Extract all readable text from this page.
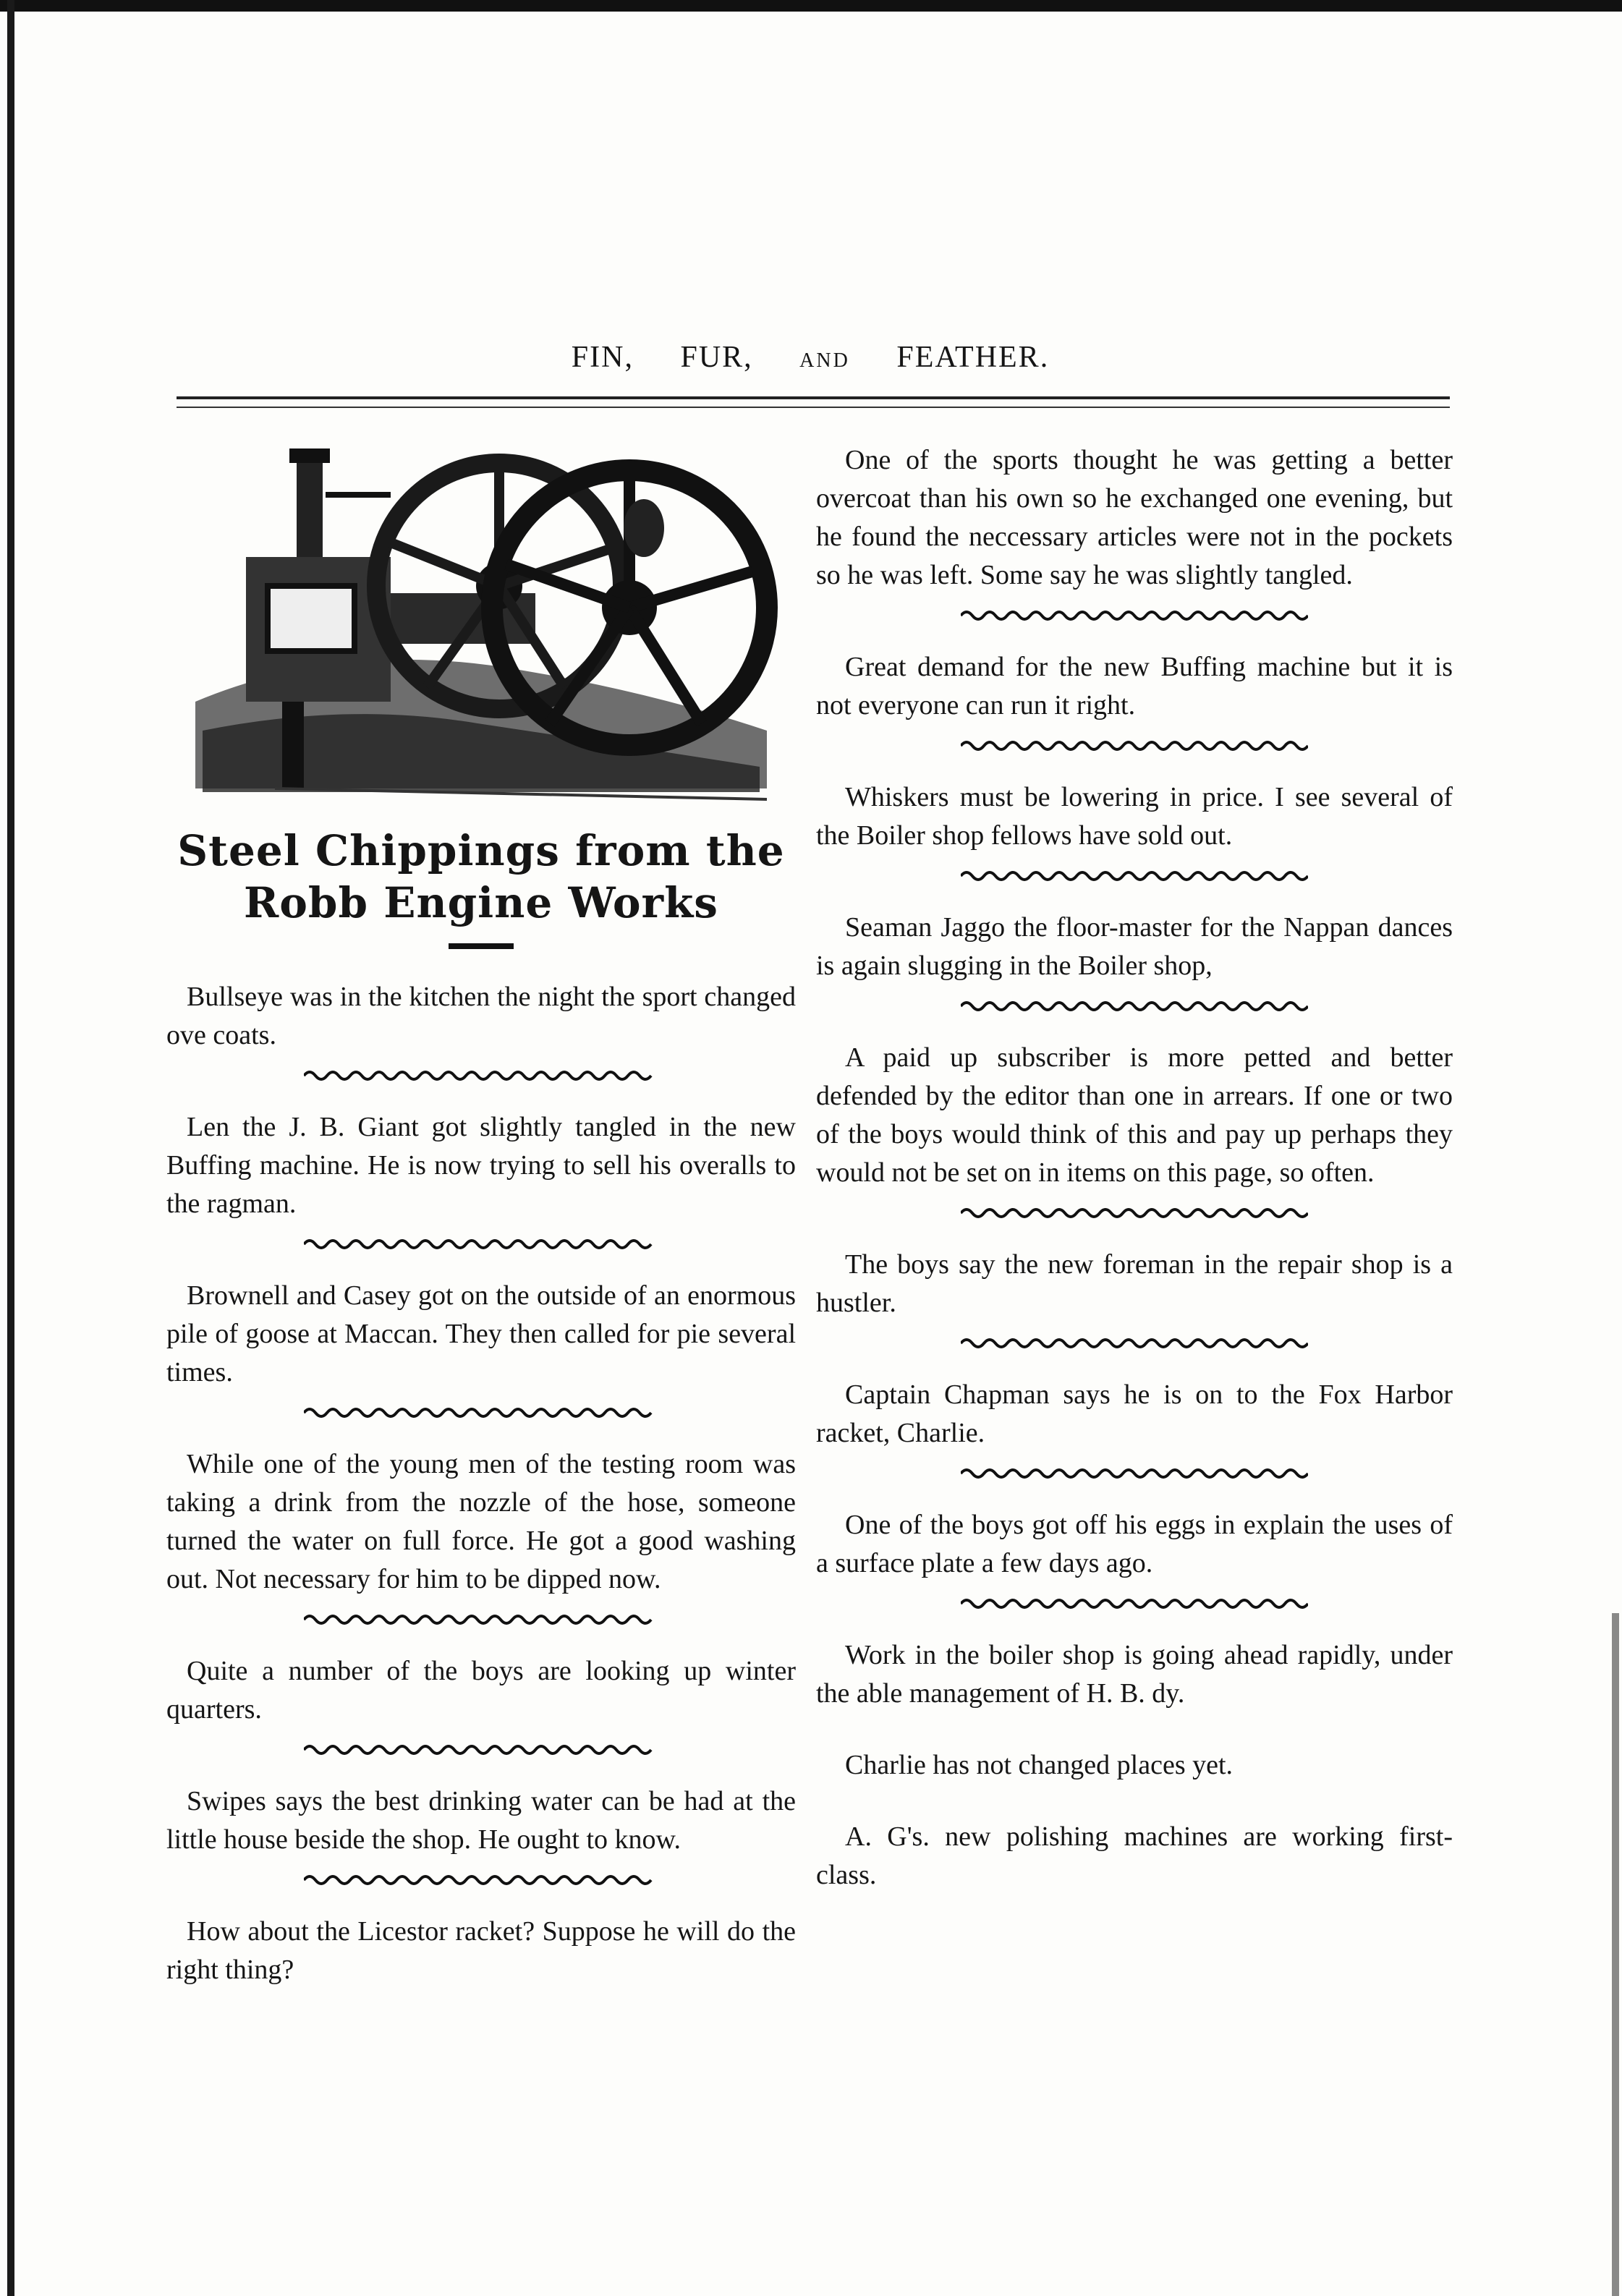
FIN, FUR, AND FEATHER.
Steel Chippings from the Robb Engine Works

Bullseye was in the kitchen the night the sport changed ove coats.

Len the J. B. Giant got slightly tangled in the new Buffing machine. He is now trying to sell his overalls to the ragman.

Brownell and Casey got on the outside of an enormous pile of goose at Maccan. They then called for pie several times.

While one of the young men of the testing room was taking a drink from the nozzle of the hose, someone turned the water on full force. He got a good washing out. Not necessary for him to be dipped now.

Quite a number of the boys are looking up winter quarters.

Swipes says the best drinking water can be had at the little house beside the shop. He ought to know.

How about the Licestor racket? Suppose he will do the right thing?

One of the sports thought he was getting a better overcoat than his own so he exchanged one evening, but he found the neccessary articles were not in the pockets so he was left. Some say he was slightly tangled.

Great demand for the new Buffing machine but it is not everyone can run it right.

Whiskers must be lowering in price. I see several of the Boiler shop fellows have sold out.

Seaman Jaggo the floor-master for the Nappan dances is again slugging in the Boiler shop,

A paid up subscriber is more petted and better defended by the editor than one in arrears. If one or two of the boys would think of this and pay up perhaps they would not be set on in items on this page, so often.

The boys say the new foreman in the repair shop is a hustler.

Captain Chapman says he is on to the Fox Harbor racket, Charlie.

One of the boys got off his eggs in explain the uses of a surface plate a few days ago.

Work in the boiler shop is going ahead rapidly, under the able management of H. B. dy.

Charlie has not changed places yet.

A. G's. new polishing machines are working first-class.
